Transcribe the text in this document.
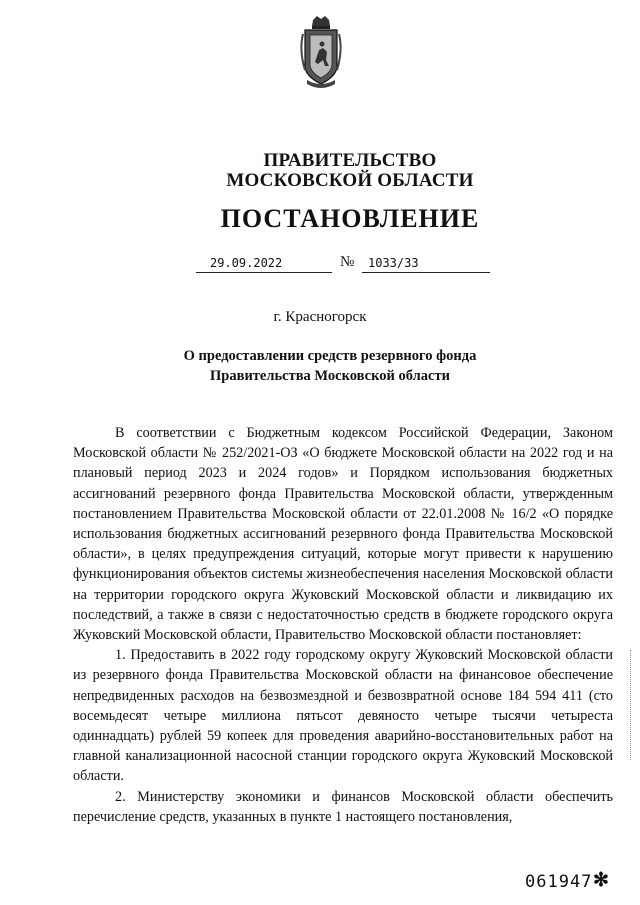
ПРАВИТЕЛЬСТВО
МОСКОВСКОЙ ОБЛАСТИ
ПОСТАНОВЛЕНИЕ
29.09.2022	№	1033/33
г. Красногорск
О предоставлении средств резервного фонда
Правительства Московской области

В соответствии с Бюджетным кодексом Российской Федерации, Законом Московской области № 252/2021-ОЗ «О бюджете Московской области на 2022 год и на плановый период 2023 и 2024 годов» и Порядком использования бюджетных ассигнований резервного фонда Правительства Московской области, утвержденным постановлением Правительства Московской области от 22.01.2008 № 16/2 «О порядке использования бюджетных ассигнований резервного фонда Правительства Московской области», в целях предупреждения ситуаций, которые могут привести к нарушению функционирования объектов системы жизнеобеспечения населения Московской области на территории городского округа Жуковский Московской области и ликвидацию их последствий, а также в связи с недостаточностью средств в бюджете городского округа Жуковский Московской области, Правительство Московской области постановляет:

1. Предоставить в 2022 году городскому округу Жуковский Московской области из резервного фонда Правительства Московской области на финансовое обеспечение непредвиденных расходов на безвозмездной и безвозвратной основе 184 594 411 (сто восемьдесят четыре миллиона пятьсот девяносто четыре тысячи четыреста одиннадцать) рублей 59 копеек для проведения аварийно-восстановительных работ на главной канализационной насосной станции городского округа Жуковский Московской области.

2. Министерству экономики и финансов Московской области обеспечить перечисление средств, указанных в пункте 1 настоящего постановления,

061947 ✻
